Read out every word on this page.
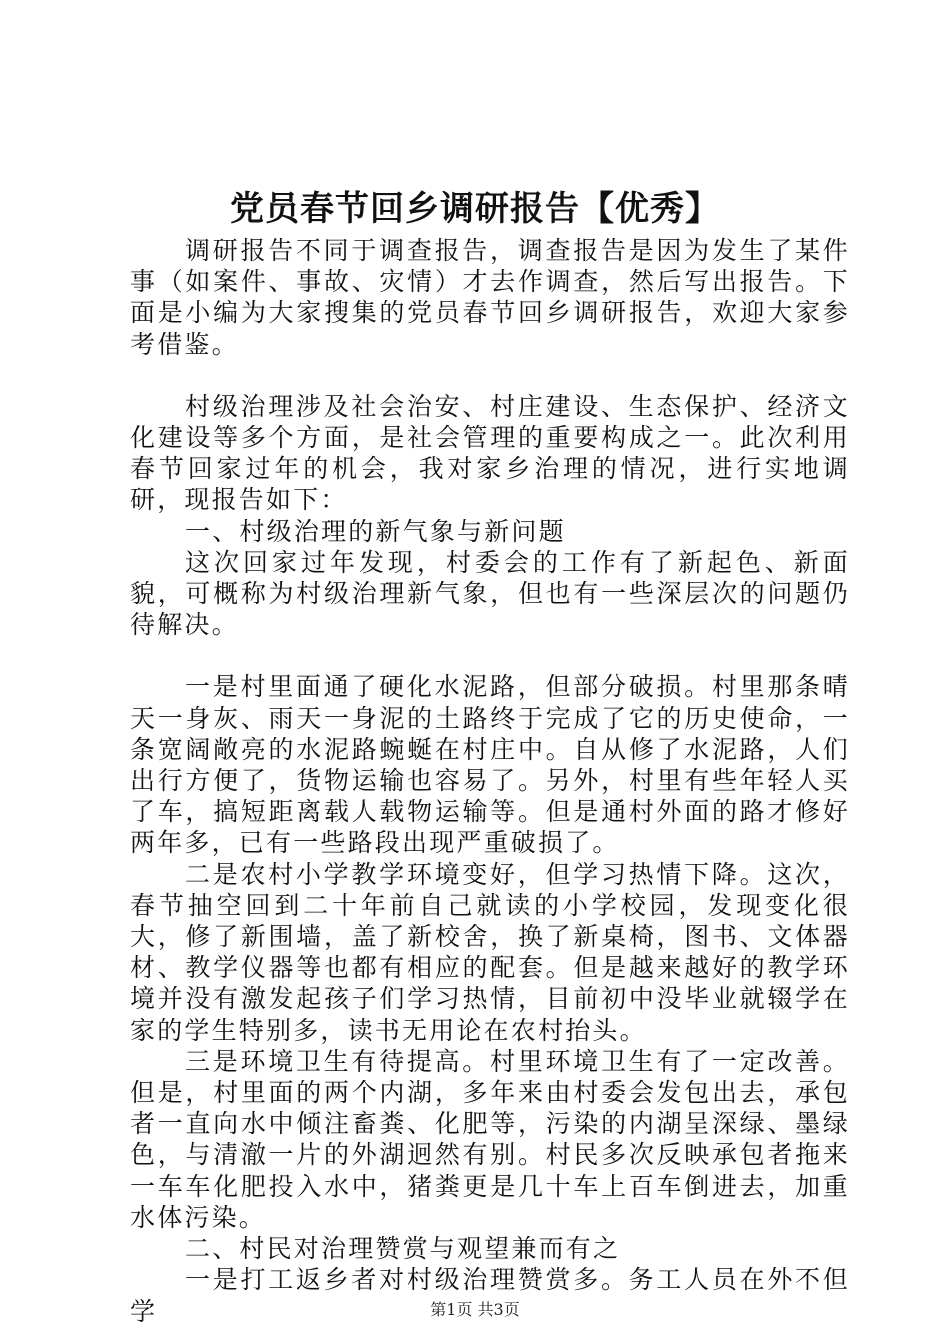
党员春节回乡调研报告【优秀】

调研报告不同于调查报告，调查报告是因为发生了某件事（如案件、事故、灾情）才去作调查，然后写出报告。下面是小编为大家搜集的党员春节回乡调研报告，欢迎大家参考借鉴。

村级治理涉及社会治安、村庄建设、生态保护、经济文化建设等多个方面，是社会管理的重要构成之一。此次利用春节回家过年的机会，我对家乡治理的情况，进行实地调研，现报告如下：

一、村级治理的新气象与新问题

这次回家过年发现，村委会的工作有了新起色、新面貌，可概称为村级治理新气象，但也有一些深层次的问题仍待解决。

一是村里面通了硬化水泥路，但部分破损。村里那条晴天一身灰、雨天一身泥的土路终于完成了它的历史使命，一条宽阔敞亮的水泥路蜿蜒在村庄中。自从修了水泥路，人们出行方便了，货物运输也容易了。另外，村里有些年轻人买了车，搞短距离载人载物运输等。但是通村外面的路才修好两年多，已有一些路段出现严重破损了。

二是农村小学教学环境变好，但学习热情下降。这次，春节抽空回到二十年前自己就读的小学校园，发现变化很大，修了新围墙，盖了新校舍，换了新桌椅，图书、文体器材、教学仪器等也都有相应的配套。但是越来越好的教学环境并没有激发起孩子们学习热情，目前初中没毕业就辍学在家的学生特别多，读书无用论在农村抬头。

三是环境卫生有待提高。村里环境卫生有了一定改善。但是，村里面的两个内湖，多年来由村委会发包出去，承包者一直向水中倾注畜粪、化肥等，污染的内湖呈深绿、墨绿色，与清澈一片的外湖迥然有别。村民多次反映承包者拖来一车车化肥投入水中，猪粪更是几十车上百车倒进去，加重水体污染。

二、村民对治理赞赏与观望兼而有之

一是打工返乡者对村级治理赞赏多。务工人员在外不但学	第1页 共3页
